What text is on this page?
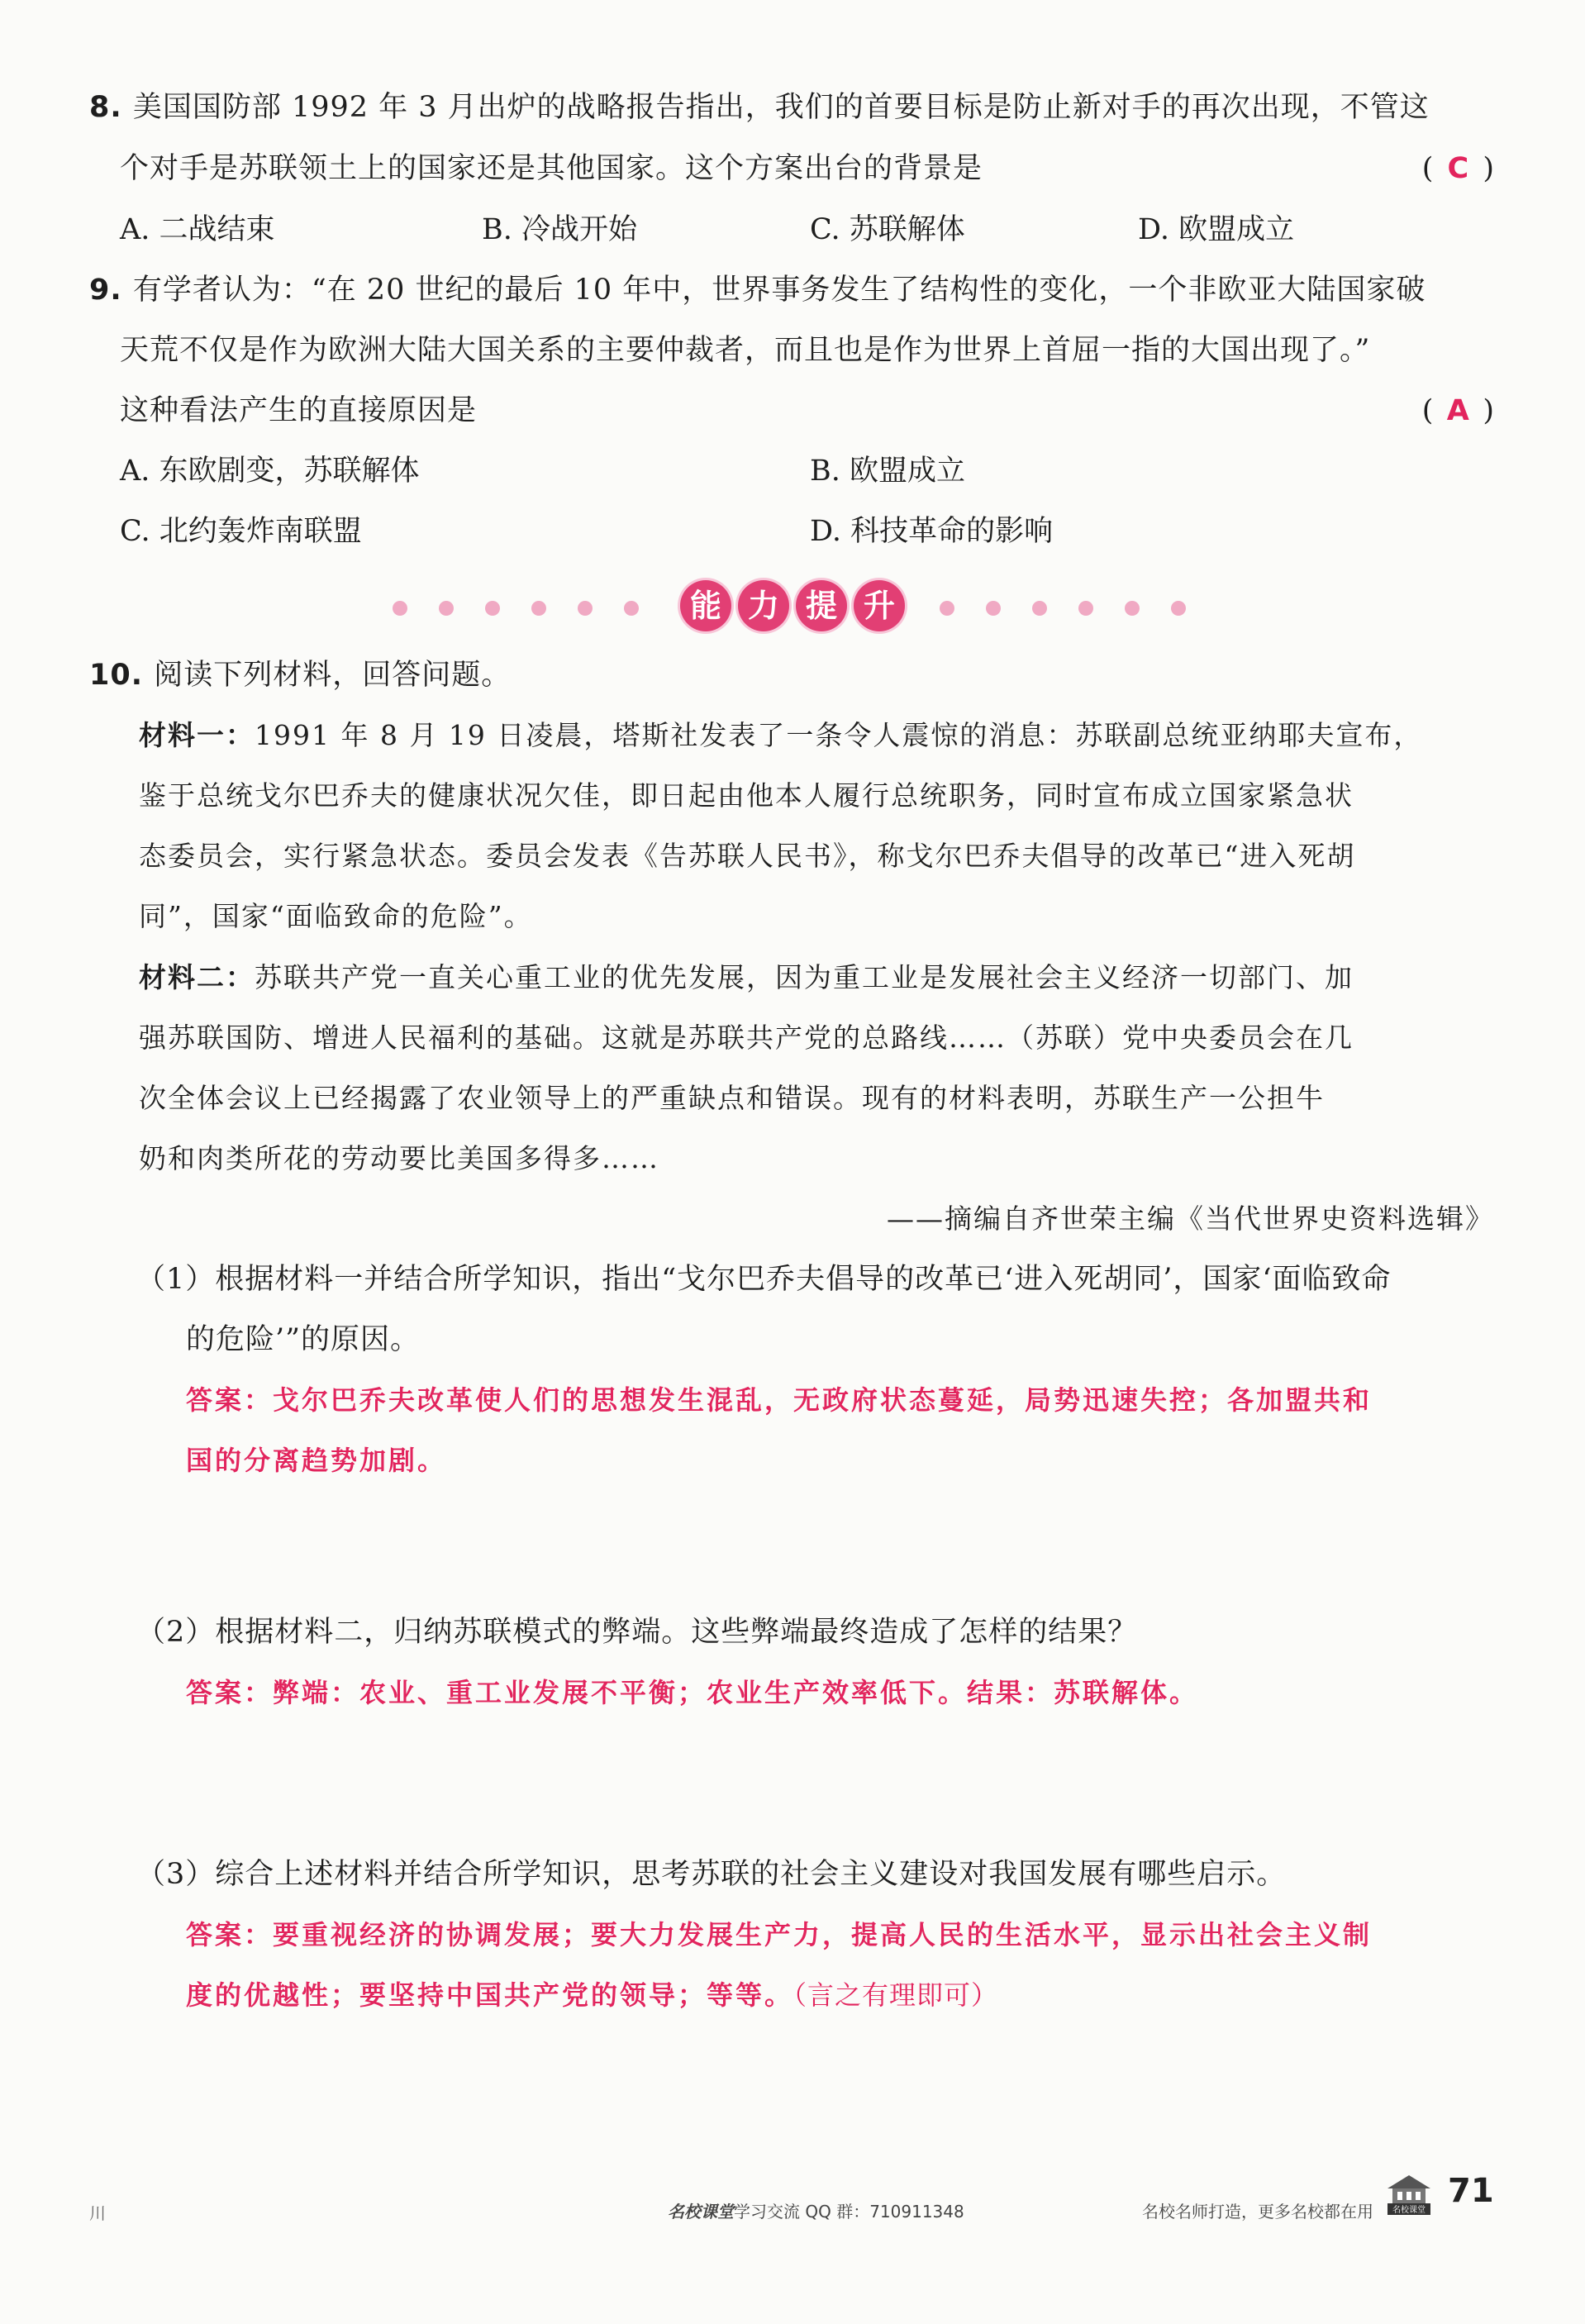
8. 美国国防部 1992 年 3 月出炉的战略报告指出，我们的首要目标是防止新对手的再次出现，不管这
个对手是苏联领土上的国家还是其他国家。这个方案出台的背景是	( C )
A. 二战结束	B. 冷战开始	C. 苏联解体	D. 欧盟成立
9. 有学者认为：“在 20 世纪的最后 10 年中，世界事务发生了结构性的变化，一个非欧亚大陆国家破
天荒不仅是作为欧洲大陆大国关系的主要仲裁者，而且也是作为世界上首屈一指的大国出现了。”
这种看法产生的直接原因是	( A )
A. 东欧剧变，苏联解体	B. 欧盟成立
C. 北约轰炸南联盟	D. 科技革命的影响
能 力 提 升
10. 阅读下列材料，回答问题。
材料一：1991 年 8 月 19 日凌晨，塔斯社发表了一条令人震惊的消息：苏联副总统亚纳耶夫宣布，
鉴于总统戈尔巴乔夫的健康状况欠佳，即日起由他本人履行总统职务，同时宣布成立国家紧急状
态委员会，实行紧急状态。委员会发表《告苏联人民书》，称戈尔巴乔夫倡导的改革已“进入死胡
同”，国家“面临致命的危险”。
材料二：苏联共产党一直关心重工业的优先发展，因为重工业是发展社会主义经济一切部门、加
强苏联国防、增进人民福利的基础。这就是苏联共产党的总路线……（苏联）党中央委员会在几
次全体会议上已经揭露了农业领导上的严重缺点和错误。现有的材料表明，苏联生产一公担牛
奶和肉类所花的劳动要比美国多得多……
——摘编自齐世荣主编《当代世界史资料选辑》
（1）根据材料一并结合所学知识，指出“戈尔巴乔夫倡导的改革已‘进入死胡同’，国家‘面临致命
的危险’”的原因。
答案：戈尔巴乔夫改革使人们的思想发生混乱，无政府状态蔓延，局势迅速失控；各加盟共和
国的分离趋势加剧。
（2）根据材料二，归纳苏联模式的弊端。这些弊端最终造成了怎样的结果？
答案：弊端：农业、重工业发展不平衡；农业生产效率低下。结果：苏联解体。
（3）综合上述材料并结合所学知识，思考苏联的社会主义建设对我国发展有哪些启示。
答案：要重视经济的协调发展；要大力发展生产力，提高人民的生活水平，显示出社会主义制
度的优越性；要坚持中国共产党的领导；等等。（言之有理即可）
川	名校课堂学习交流 QQ 群：710911348	名校名师打造，更多名校都在用 名校课堂
71
